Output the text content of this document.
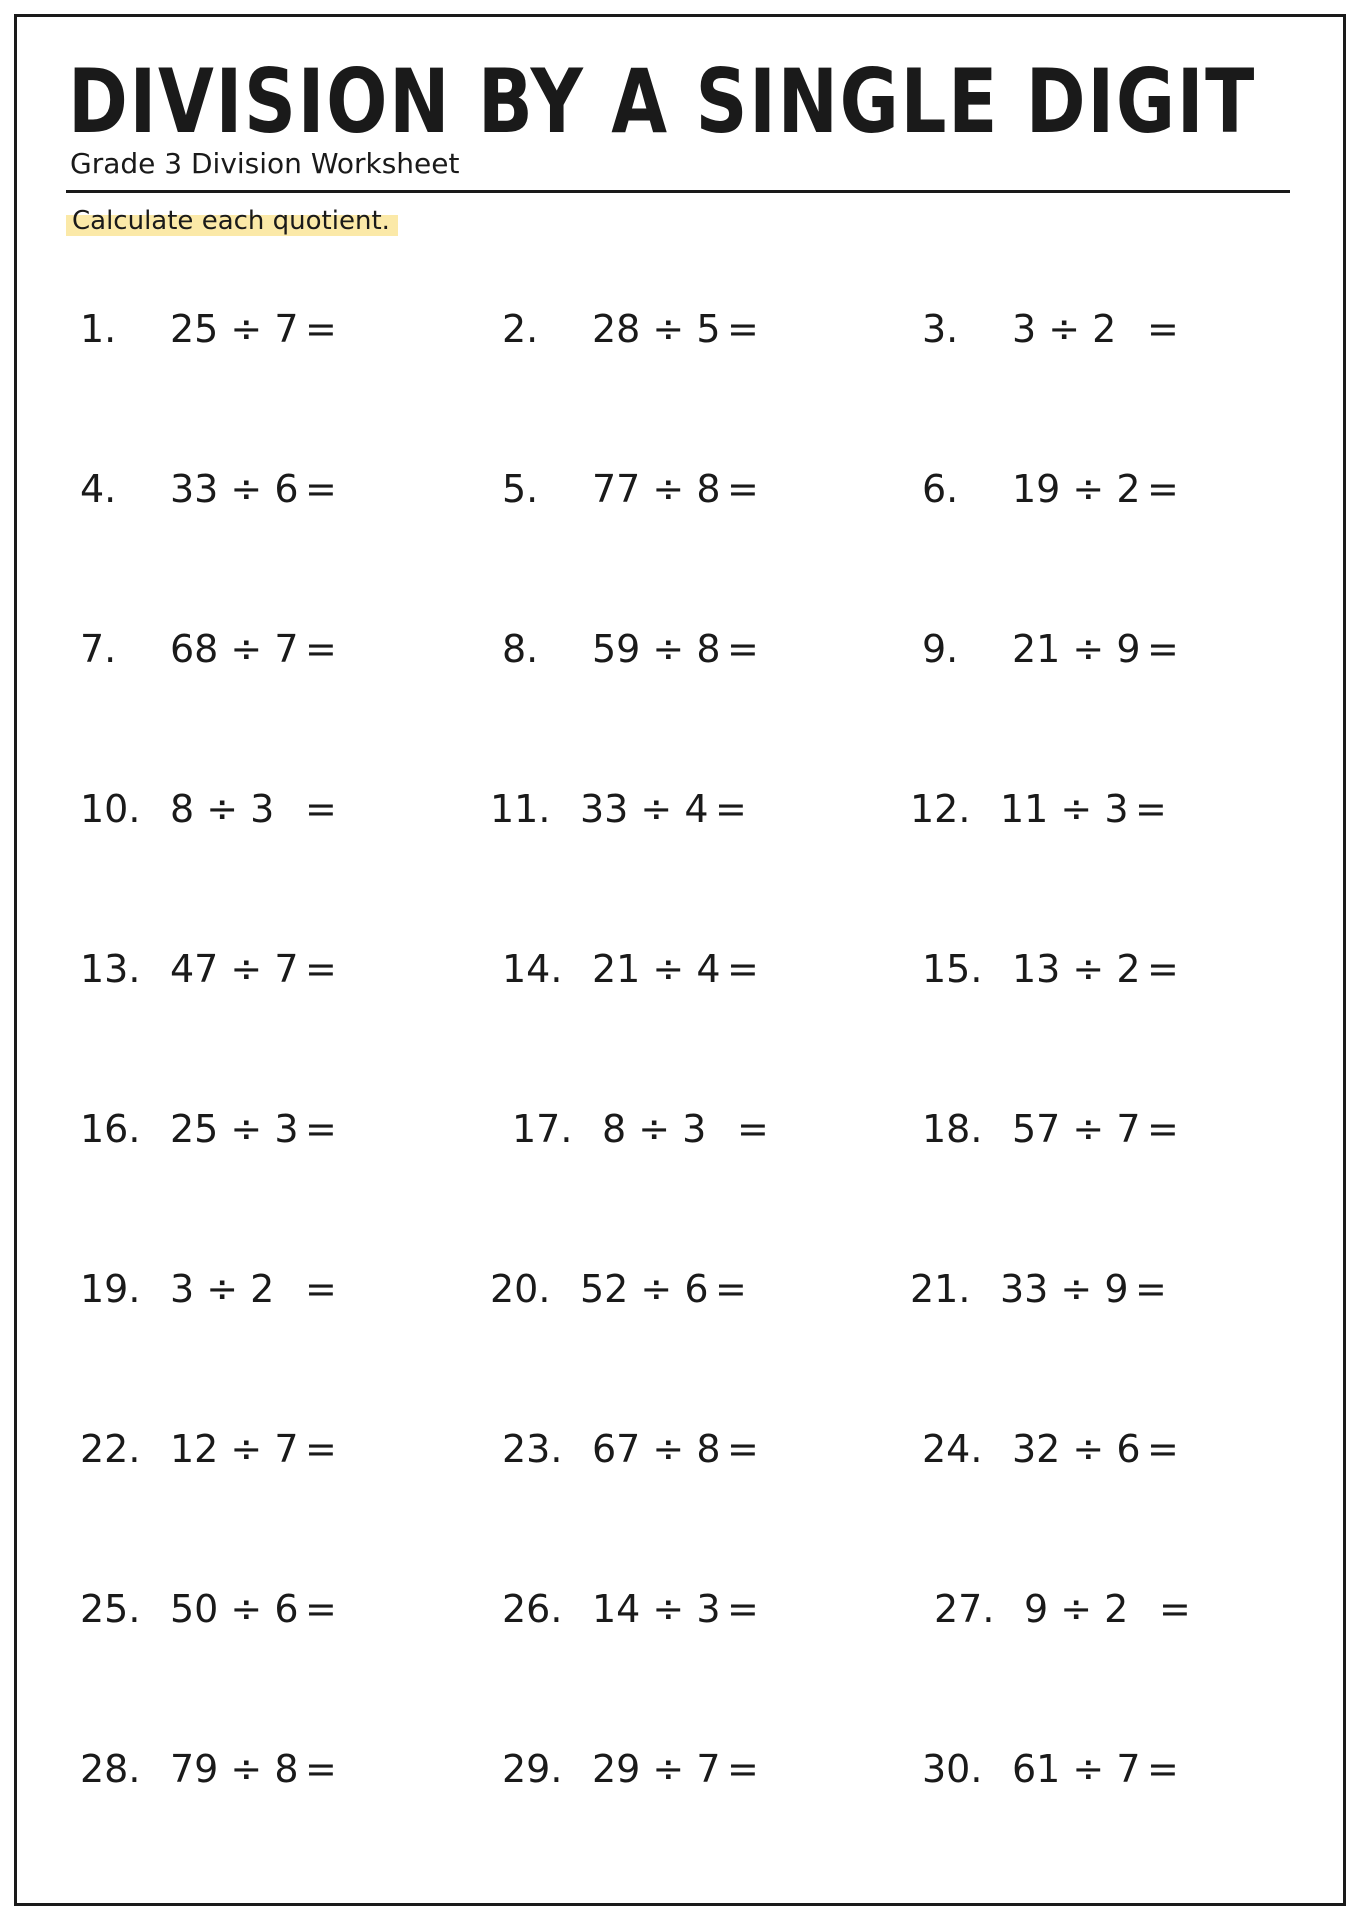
DIVISION BY A SINGLE DIGIT
Grade 3 Division Worksheet
Calculate each quotient.
1. 25 ÷ 7 =	2. 28 ÷ 5 =	3. 3 ÷ 2 =
4. 33 ÷ 6 =	5. 77 ÷ 8 =	6. 19 ÷ 2 =
7. 68 ÷ 7 =	8. 59 ÷ 8 =	9. 21 ÷ 9 =
10. 8 ÷ 3 =	11. 33 ÷ 4 =	12. 11 ÷ 3 =
13. 47 ÷ 7 =	14. 21 ÷ 4 =	15. 13 ÷ 2 =
16. 25 ÷ 3 =	17. 8 ÷ 3 =	18. 57 ÷ 7 =
19. 3 ÷ 2 =	20. 52 ÷ 6 =	21. 33 ÷ 9 =
22. 12 ÷ 7 =	23. 67 ÷ 8 =	24. 32 ÷ 6 =
25. 50 ÷ 6 =	26. 14 ÷ 3 =	27. 9 ÷ 2 =
28. 79 ÷ 8 =	29. 29 ÷ 7 =	30. 61 ÷ 7 =
